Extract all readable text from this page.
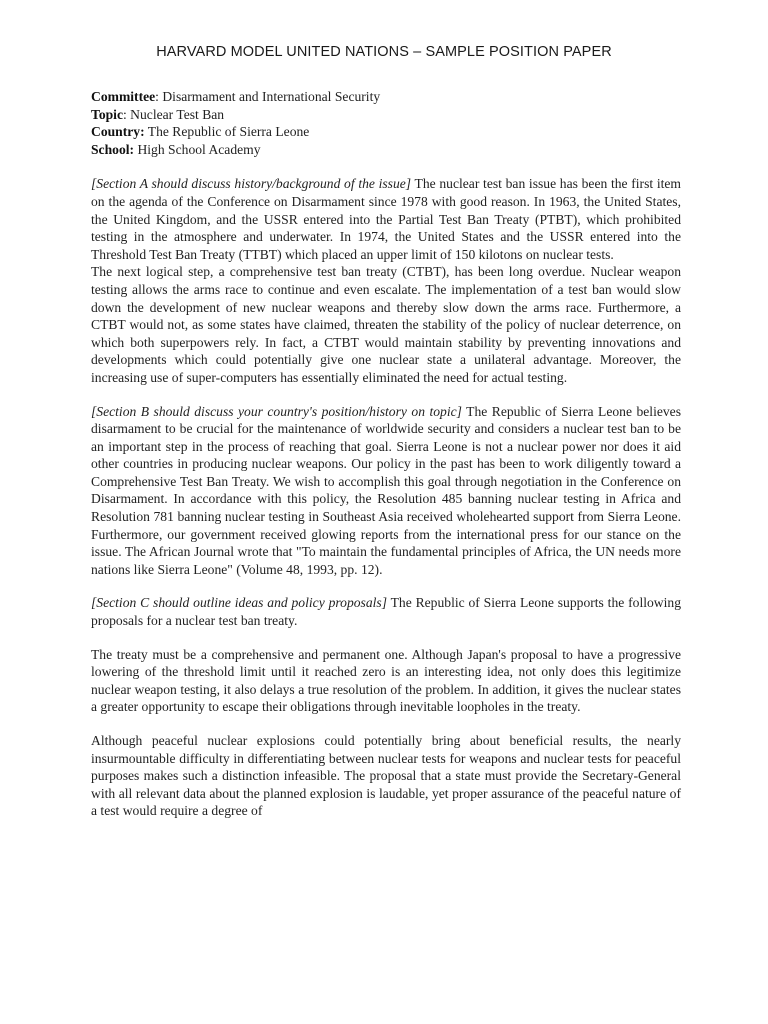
HARVARD MODEL UNITED NATIONS – SAMPLE POSITION PAPER

Committee: Disarmament and International Security

Topic: Nuclear Test Ban

Country: The Republic of Sierra Leone

School: High School Academy

[Section A should discuss history/background of the issue] The nuclear test ban issue has been the first item on the agenda of the Conference on Disarmament since 1978 with good reason. In 1963, the United States, the United Kingdom, and the USSR entered into the Partial Test Ban Treaty (PTBT), which prohibited testing in the atmosphere and underwater. In 1974, the United States and the USSR entered into the Threshold Test Ban Treaty (TTBT) which placed an upper limit of 150 kilotons on nuclear tests.

The next logical step, a comprehensive test ban treaty (CTBT), has been long overdue. Nuclear weapon testing allows the arms race to continue and even escalate. The implementation of a test ban would slow down the development of new nuclear weapons and thereby slow down the arms race. Furthermore, a CTBT would not, as some states have claimed, threaten the stability of the policy of nuclear deterrence, on which both superpowers rely. In fact, a CTBT would maintain stability by preventing innovations and developments which could potentially give one nuclear state a unilateral advantage. Moreover, the increasing use of super-computers has essentially eliminated the need for actual testing.

[Section B should discuss your country's position/history on topic] The Republic of Sierra Leone believes disarmament to be crucial for the maintenance of worldwide security and considers a nuclear test ban to be an important step in the process of reaching that goal. Sierra Leone is not a nuclear power nor does it aid other countries in producing nuclear weapons. Our policy in the past has been to work diligently toward a Comprehensive Test Ban Treaty. We wish to accomplish this goal through negotiation in the Conference on Disarmament. In accordance with this policy, the Resolution 485 banning nuclear testing in Africa and Resolution 781 banning nuclear testing in Southeast Asia received wholehearted support from Sierra Leone. Furthermore, our government received glowing reports from the international press for our stance on the issue. The African Journal wrote that "To maintain the fundamental principles of Africa, the UN needs more nations like Sierra Leone" (Volume 48, 1993, pp. 12).

[Section C should outline ideas and policy proposals] The Republic of Sierra Leone supports the following proposals for a nuclear test ban treaty.

The treaty must be a comprehensive and permanent one. Although Japan's proposal to have a progressive lowering of the threshold limit until it reached zero is an interesting idea, not only does this legitimize nuclear weapon testing, it also delays a true resolution of the problem. In addition, it gives the nuclear states a greater opportunity to escape their obligations through inevitable loopholes in the treaty.

Although peaceful nuclear explosions could potentially bring about beneficial results, the nearly insurmountable difficulty in differentiating between nuclear tests for weapons and nuclear tests for peaceful purposes makes such a distinction infeasible. The proposal that a state must provide the Secretary-General with all relevant data about the planned explosion is laudable, yet proper assurance of the peaceful nature of a test would require a degree of
